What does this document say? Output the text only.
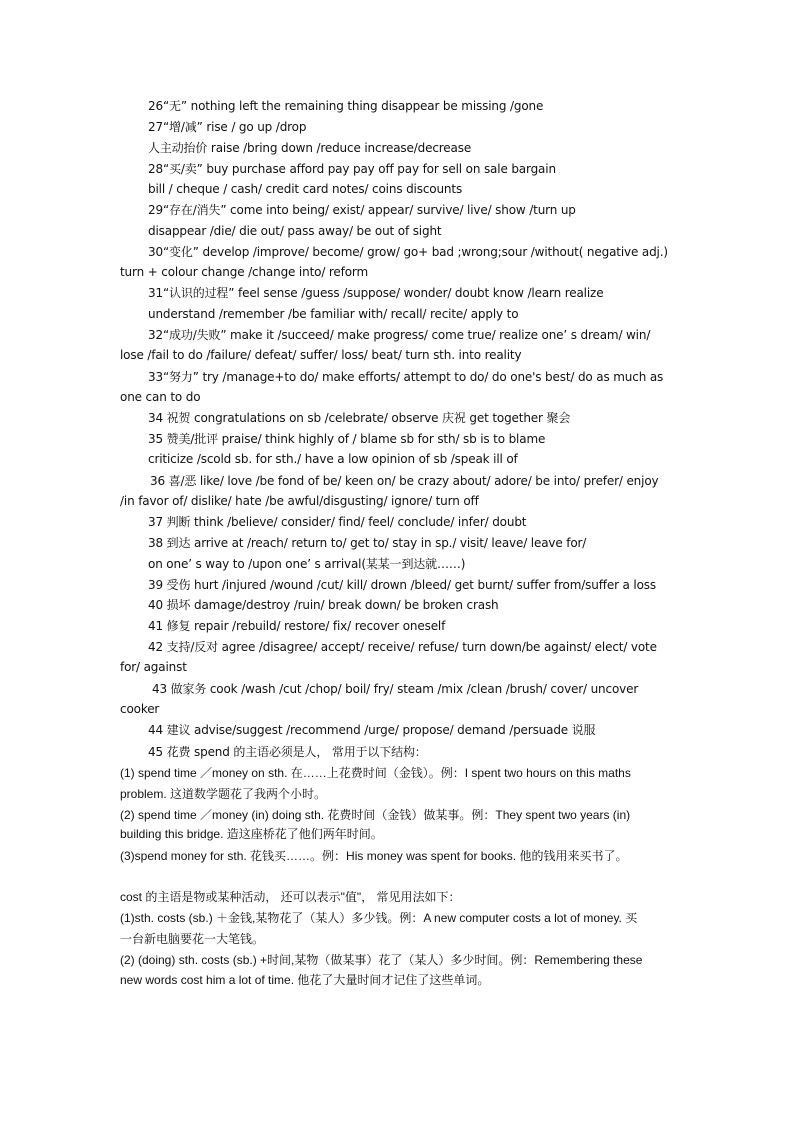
26“无” nothing left the remaining thing disappear be missing /gone
27“增/减” rise / go up /drop
人主动抬价 raise /bring down /reduce increase/decrease
28“买/卖” buy purchase afford pay pay off pay for sell on sale bargain
bill / cheque / cash/ credit card notes/ coins discounts
29“存在/消失” come into being/ exist/ appear/ survive/ live/ show /turn up
disappear /die/ die out/ pass away/ be out of sight
30“变化” develop /improve/ become/ grow/ go+ bad ;wrong;sour /without( negative adj.)
turn + colour change /change into/ reform
31“认识的过程” feel sense /guess /suppose/ wonder/ doubt know /learn realize
understand /remember /be familiar with/ recall/ recite/ apply to
32“成功/失败” make it /succeed/ make progress/ come true/ realize one’ s dream/ win/
lose /fail to do /failure/ defeat/ suffer/ loss/ beat/ turn sth. into reality
33“努力” try /manage+to do/ make efforts/ attempt to do/ do one's best/ do as much as
one can to do
34 祝贺 congratulations on sb /celebrate/ observe 庆祝 get together 聚会
35 赞美/批评 praise/ think highly of / blame sb for sth/ sb is to blame
criticize /scold sb. for sth./ have a low opinion of sb /speak ill of
36 喜/恶 like/ love /be fond of be/ keen on/ be crazy about/ adore/ be into/ prefer/ enjoy
/in favor of/ dislike/ hate /be awful/disgusting/ ignore/ turn off
37 判断 think /believe/ consider/ find/ feel/ conclude/ infer/ doubt
38 到达 arrive at /reach/ return to/ get to/ stay in sp./ visit/ leave/ leave for/
on one’ s way to /upon one’ s arrival(某某一到达就……)
39 受伤 hurt /injured /wound /cut/ kill/ drown /bleed/ get burnt/ suffer from/suffer a loss
40 损坏 damage/destroy /ruin/ break down/ be broken crash
41 修复 repair /rebuild/ restore/ fix/ recover oneself
42 支持/反对 agree /disagree/ accept/ receive/ refuse/ turn down/be against/ elect/ vote
for/ against
43 做家务 cook /wash /cut /chop/ boil/ fry/ steam /mix /clean /brush/ cover/ uncover
cooker
44 建议 advise/suggest /recommend /urge/ propose/ demand /persuade 说服
45 花费 spend 的主语必须是人， 常用于以下结构：
(1) spend time ／money on sth. 在……上花费时间（金钱）。例：I spent two hours on this maths
problem. 这道数学题花了我两个小时。
(2) spend time ／money (in) doing sth. 花费时间（金钱）做某事。例：They spent two years (in)
building this bridge. 造这座桥花了他们两年时间。
(3)spend money for sth. 花钱买……。例：His money was spent for books. 他的钱用来买书了。
cost 的主语是物或某种活动， 还可以表示"值"， 常见用法如下：
(1)sth. costs (sb.) ＋金钱,某物花了（某人）多少钱。例：A new computer costs a lot of money. 买
一台新电脑要花一大笔钱。
(2) (doing) sth. costs (sb.) +时间,某物（做某事）花了（某人）多少时间。例：Remembering these
new words cost him a lot of time. 他花了大量时间才记住了这些单词。
